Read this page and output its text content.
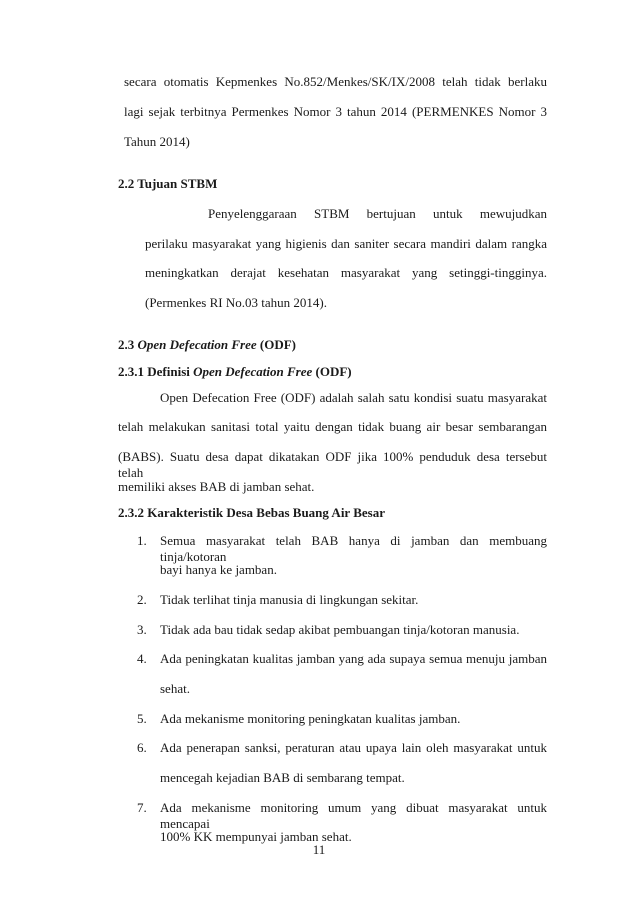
secara otomatis Kepmenkes No.852/Menkes/SK/IX/2008 telah tidak berlaku
lagi sejak terbitnya Permenkes Nomor 3 tahun 2014 (PERMENKES Nomor 3
Tahun 2014)
2.2 Tujuan STBM
Penyelenggaraan STBM bertujuan untuk mewujudkan
perilaku masyarakat yang higienis dan saniter secara mandiri dalam rangka
meningkatkan derajat kesehatan masyarakat yang setinggi-tingginya.
(Permenkes RI No.03 tahun 2014).
2.3 Open Defecation Free (ODF)
2.3.1 Definisi Open Defecation Free (ODF)
Open Defecation Free (ODF) adalah salah satu kondisi suatu masyarakat
telah melakukan sanitasi total yaitu dengan tidak buang air besar sembarangan
(BABS). Suatu desa dapat dikatakan ODF jika 100% penduduk desa tersebut telah
memiliki akses BAB di jamban sehat.
2.3.2 Karakteristik Desa Bebas Buang Air Besar
1.	Semua masyarakat telah BAB hanya di jamban dan membuang tinja/kotoran
bayi hanya ke jamban.
2.	Tidak terlihat tinja manusia di lingkungan sekitar.
3.	Tidak ada bau tidak sedap akibat pembuangan tinja/kotoran manusia.
4.	Ada peningkatan kualitas jamban yang ada supaya semua menuju jamban
sehat.
5.	Ada mekanisme monitoring peningkatan kualitas jamban.
6.	Ada penerapan sanksi, peraturan atau upaya lain oleh masyarakat untuk
mencegah kejadian BAB di sembarang tempat.
7.	Ada mekanisme monitoring umum yang dibuat masyarakat untuk mencapai
100% KK mempunyai jamban sehat.
11
